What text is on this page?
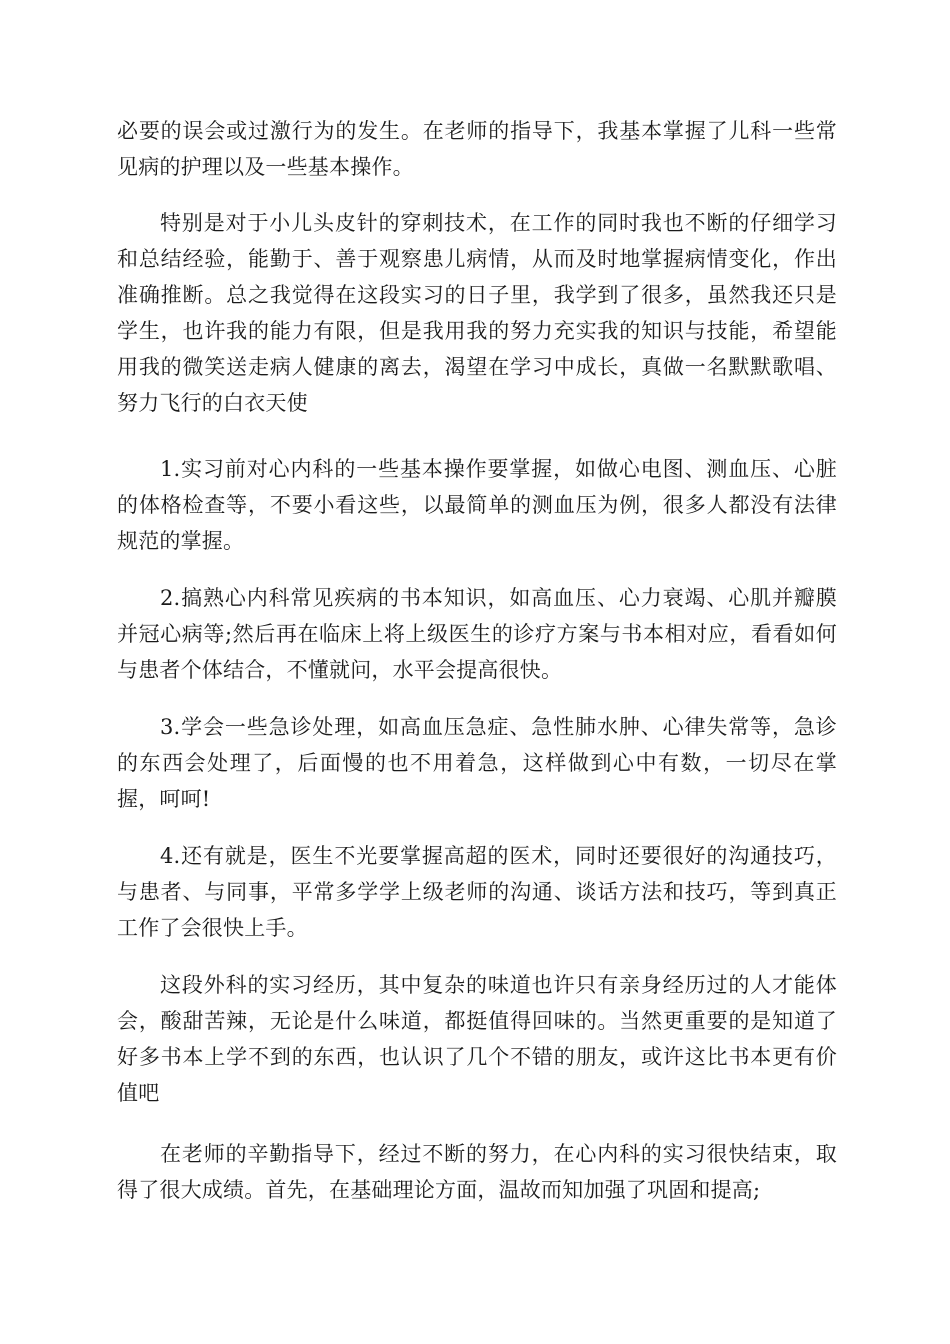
必要的误会或过激行为的发生。在老师的指导下，我基本掌握了儿科一些常见病的护理以及一些基本操作。

特别是对于小儿头皮针的穿刺技术，在工作的同时我也不断的仔细学习和总结经验，能勤于、善于观察患儿病情，从而及时地掌握病情变化，作出准确推断。总之我觉得在这段实习的日子里，我学到了很多，虽然我还只是学生，也许我的能力有限，但是我用我的努力充实我的知识与技能，希望能用我的微笑送走病人健康的离去，渴望在学习中成长，真做一名默默歌唱、努力飞行的白衣天使

1.实习前对心内科的一些基本操作要掌握，如做心电图、测血压、心脏的体格检查等，不要小看这些，以最简单的测血压为例，很多人都没有法律规范的掌握。

2.搞熟心内科常见疾病的书本知识，如高血压、心力衰竭、心肌并瓣膜并冠心病等;然后再在临床上将上级医生的诊疗方案与书本相对应，看看如何与患者个体结合，不懂就问，水平会提高很快。

3.学会一些急诊处理，如高血压急症、急性肺水肿、心律失常等，急诊的东西会处理了，后面慢的也不用着急，这样做到心中有数，一切尽在掌握，呵呵!

4.还有就是，医生不光要掌握高超的医术，同时还要很好的沟通技巧，与患者、与同事，平常多学学上级老师的沟通、谈话方法和技巧，等到真正工作了会很快上手。

这段外科的实习经历，其中复杂的味道也许只有亲身经历过的人才能体会，酸甜苦辣，无论是什么味道，都挺值得回味的。当然更重要的是知道了好多书本上学不到的东西，也认识了几个不错的朋友，或许这比书本更有价值吧

在老师的辛勤指导下，经过不断的努力，在心内科的实习很快结束，取得了很大成绩。首先，在基础理论方面，温故而知加强了巩固和提高;
